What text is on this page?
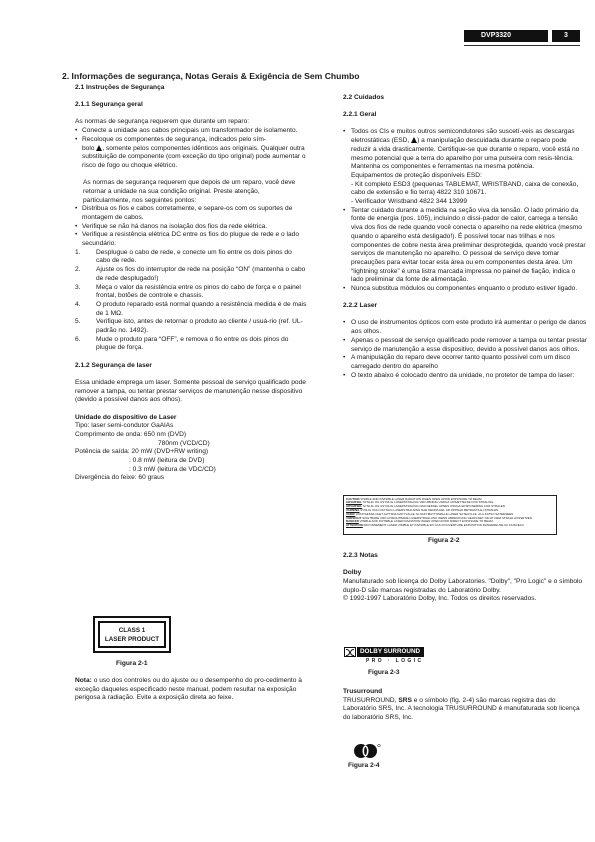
DVP3320	3
2. Informações de segurança, Notas Gerais & Exigência de Sem Chumbo
2.1 Instruções de Segurança
2.1.1 Segurança geral
As normas de segurança requerem que durante um reparo:
• Conecte a unidade aos cabos principais um transformador de isolamento.
• Recoloque os componentes de segurança, indicados pelo sím-
bolo , somente pelos componentes idênticos aos originais. Qualquer outra substituição de componente (com exceção do tipo original) pode aumentar o risco de fogo ou choque elétrico.
As normas de segurança requerem que depois de um reparo, você deve retornar a unidade na sua condição original. Preste atenção, particularmente, nos seguintes pontos:
• Distribua os fios e cabos corretamente, e separe-os com os suportes de montagem de cabos.
• Verifique se não há danos na isolação dos fios da rede elétrica.
• Verifique a resistência elétrica DC entre os fios do plugue de rede e o lado secundário:
1. Desplugue o cabo de rede, e conecte um fio entre os dois pinos do cabo de rede.
2. Ajuste os fios do interruptor de rede na posição “ON” (mantenha o cabo de rede desplugado!)
3. Meça o valor da resistência entre os pinos do cabo de força e o painel frontal, botões de controle e chassis.
4. O produto reparado está normal quando a resistência medida é de mais de 1 MΩ.
5. Verifique isto, antes de retornar o produto ao cliente / usuá-rio (ref. UL- padrão no. 1492).
6. Mude o produto para “OFF”, e remova o fio entre os dois pinos do plugue de força.
2.1.2 Segurança de laser
Essa unidade emprega um laser. Somente pessoal de serviço qualificado pode remover a tampa, ou tentar prestar serviços de manutenção nesse dispositivo (devido a possível danos aos olhos).
Unidade do dispositivo de Laser
Tipo: laser semi-condutor GaAlAs
Comprimento de onda: 650 nm (DVD)
780nm (VCD/CD)
Potência de saída: 20 mW (DVD+RW writing)
: 0.8 mW (leitura de DVD)
: 0.3 mW (leitura de VDC/CD)
Divergência do feixe: 60 graus
CLASS 1
LASER PRODUCT
Figura 2-1
Nota: o uso dos controles ou do ajuste ou o desempenho do pro-cedimento à exceção daqueles especificado neste manual, podem resultar na exposição perigosa à radiação. Evite a exposição direta ao feixe.
2.2 Cuidados
2.2.1 Geral
• Todos os CIs e muitos outros semicondutores são suscetí-veis as descargas eletrostáticas (ESD, ) a manipulação descuidada durante o reparo pode reduzir a vida drasticamente. Certifique-se que durante o reparo, você está no mesmo potencial que a terra do aparelho por uma pulseira com resis-tência. Mantenha os componentes e ferramentas na mesma potência.
Equipamentos de proteção disponíveis ESD:
- Kit completo ESD3 (pequenas TABLEMAT, WRISTBAND, caixa de conexão, cabo de extensão e fio terra) 4822 310 10671.
- Verificador Wristband 4822 344 13999
• Tentar cuidado durante a medida na seção viva da tensão. O lado primário da fonte de energia (pos. 105), incluindo o dissi-pador de calor, carrega a tensão viva dos fios de rede quando você conecta o aparelho na rede elétrica (mesmo quando o aparelho está desligado!). É possível tocar nas trilhas e nos componentes de cobre nesta área preliminar desprotegida, quando você prestar serviços de manutenção no aparelho. O pessoal de serviço deve tomar precauções para evitar tocar esta área ou em componentes desta área. Um “lightning stroke” é uma listra marcada impressa no painel de fiação, indica o lado preliminar da fonte de alimentação.
• Nunca substitua módulos ou componentes enquanto o produto estiver ligado.
2.2.2 Laser
• O uso de instrumentos ópticos com este produto irá aumentar o perigo de danos aos olhos.
• Apenas o pessoal de serviço qualificado pode remover a tampa ou tentar prestar serviço de manutenção a esse dispositivo, devido a possível danos aos olhos.
• A manipulação do reparo deve ocorrer tanto quanto possível com um disco carregado dentro do aparelho
• O texto abaixo é colocado dentro da unidade, no protetor de tampa do laser:
CAUTION VISIBLE AND INVISIBLE LASER RADIATION WHEN OPEN AVOID EXPOSURE TO BEAM
ADVARSEL SYNLIG OG USYNLIG LASERSTRÅLING VED ÅBNING UNDGÅ UDSÆTTELSE FOR STRÅLING
ADVARSEL SYNLIG OG USYNLIG LASERSTRÅLING NÅR DEKSEL ÅPNES UNNGÅ EKSPONERING FOR STRÅLEN
VARNING SYNLIG OCH OSYNLIG LASERSTRÅLNING NÄR DENNA DEL ÄR ÖPPNAD BETRAKTA EJ STRÅLEN
VARO! AVATTAESSA OLET ALTTIINA NÄKYVÄLLE JA NÄKYMÄTTÖMÄLLE LASER SÄTEILYLLE. ÄLÄ KATSO SÄTEESEEN
VORSICHT SICHTBARE UND UNSICHTBARE LASERSTRAHLUNG WENN ABDECKUNG GEÖFFNET NICHT DEM STRAHL AUSSETZEN
DANGER VISIBLE AND INVISIBLE LASER RADIATION WHEN OPEN AVOID DIRECT EXPOSURE TO BEAM
ATTENTION RAYONNEMENT LASER VISIBLE ET INVISIBLE EN CAS D'OUVERTURE EXPOSITION DANGEREUSE AU FAISCEAU
Figura 2-2
2.2.3 Notas
Dolby
Manufaturado sob licença do Dolby Laboratories. "Dolby", "Pro Logic" e o símbolo duplo-D são marcas registradas do Laboratório Dolby.
© 1992-1997 Laboratório Dolby, Inc. Todos os direitos reservados.
DOLBY SURROUND
PRO · LOGIC
Figura 2-3
Trusurround
TRUSURROUND, SRS e o símbolo (fig. 2-4) são marcas registra das do Laboratório SRS, Inc. A tecnologia TRUSURROUND é manufaturada sob licença do laboratório SRS, Inc.
Figura 2-4
